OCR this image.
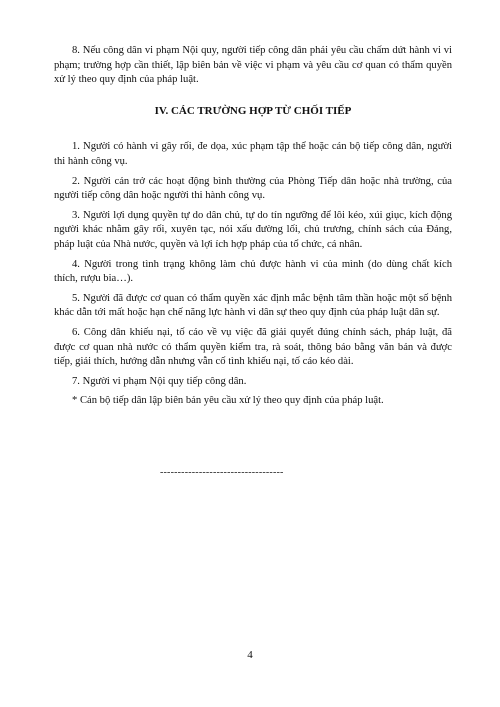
8. Nếu công dân vi phạm Nội quy, người tiếp công dân phải yêu cầu chấm dứt hành vi vi phạm; trường hợp cần thiết, lập biên bản về việc vi phạm và yêu cầu cơ quan có thẩm quyền xử lý theo quy định của pháp luật.

IV. CÁC TRƯỜNG HỢP TỪ CHỐI TIẾP

1. Người có hành vi gây rối, đe dọa, xúc phạm tập thể hoặc cán bộ tiếp công dân, người thi hành công vụ.

2. Người cản trở các hoạt động bình thường của Phòng Tiếp dân hoặc nhà trường, của người tiếp công dân hoặc người thi hành công vụ.

3. Người lợi dụng quyền tự do dân chủ, tự do tín ngưỡng để lôi kéo, xúi giục, kích động người khác nhằm gây rối, xuyên tạc, nói xấu đường lối, chủ trương, chính sách của Đảng, pháp luật của Nhà nước, quyền và lợi ích hợp pháp của tổ chức, cá nhân.

4. Người trong tình trạng không làm chủ được hành vi của mình (do dùng chất kích thích, rượu bia…).

5. Người đã được cơ quan có thẩm quyền xác định mắc bệnh tâm thần hoặc một số bệnh khác dẫn tới mất hoặc hạn chế năng lực hành vi dân sự theo quy định của pháp luật dân sự.

6. Công dân khiếu nại, tố cáo về vụ việc đã giải quyết đúng chính sách, pháp luật, đã được cơ quan nhà nước có thẩm quyền kiểm tra, rà soát, thông báo bằng văn bản và được tiếp, giải thích, hướng dẫn nhưng vẫn cố tình khiếu nại, tố cáo kéo dài.

7. Người vi phạm Nội quy tiếp công dân.

* Cán bộ tiếp dân lập biên bản yêu cầu xử lý theo quy định của pháp luật.

-----------------------------------
4
